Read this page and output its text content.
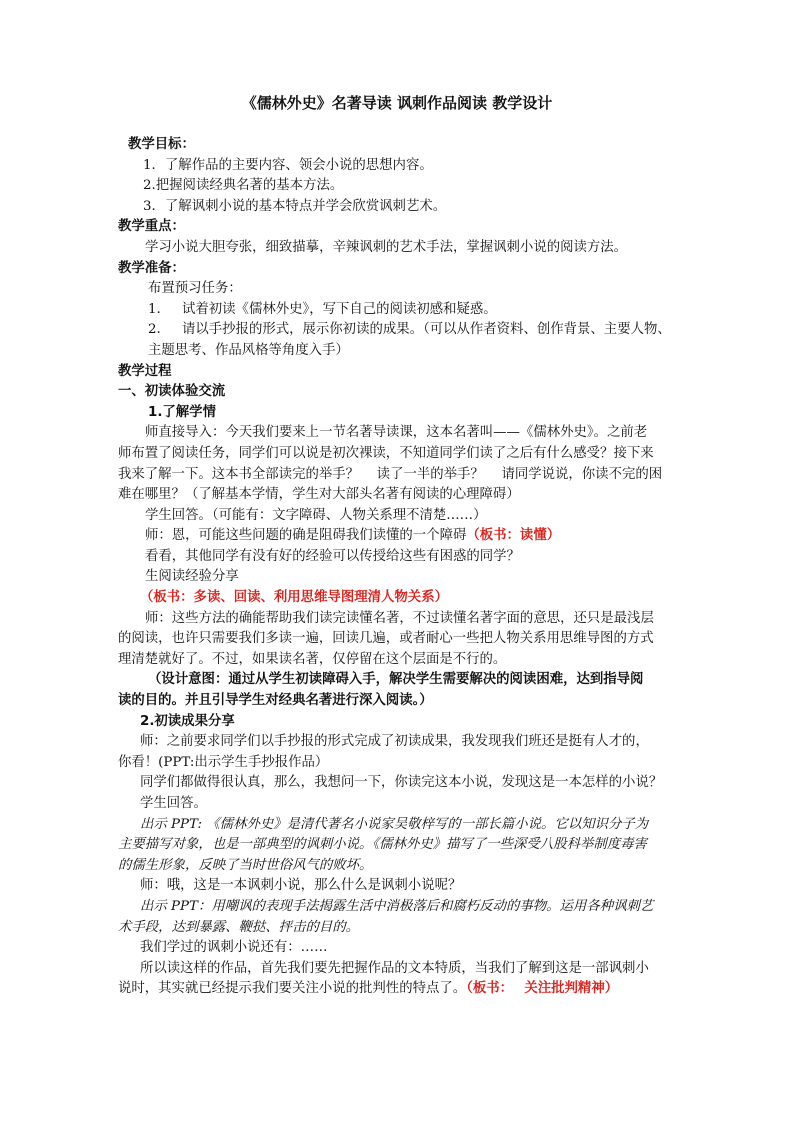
《儒林外史》名著导读 讽刺作品阅读 教学设计
教学目标：
1．了解作品的主要内容、领会小说的思想内容。
2.把握阅读经典名著的基本方法。
3．了解讽刺小说的基本特点并学会欣赏讽刺艺术。
教学重点：
学习小说大胆夸张，细致描摹，辛辣讽刺的艺术手法，掌握讽刺小说的阅读方法。
教学准备：
布置预习任务：
1. 试着初读《儒林外史》，写下自己的阅读初感和疑惑。
2. 请以手抄报的形式，展示你初读的成果。（可以从作者资料、创作背景、主要人物、
主题思考、作品风格等角度入手）
教学过程
一、初读体验交流
1.了解学情
师直接导入：今天我们要来上一节名著导读课，这本名著叫——《儒林外史》。之前老
师布置了阅读任务，同学们可以说是初次裸读，不知道同学们读了之后有什么感受？接下来
我来了解一下。这本书全部读完的举手？　 读了一半的举手？　 请同学说说，你读不完的困
难在哪里？（了解基本学情，学生对大部头名著有阅读的心理障碍）
学生回答。（可能有：文字障碍、人物关系理不清楚……）
师：恩，可能这些问题的确是阻碍我们读懂的一个障碍（板书：读懂）
看看，其他同学有没有好的经验可以传授给这些有困惑的同学？
生阅读经验分享
（板书：多读、回读、利用思维导图理清人物关系）
师：这些方法的确能帮助我们读完读懂名著，不过读懂名著字面的意思，还只是最浅层
的阅读，也许只需要我们多读一遍，回读几遍，或者耐心一些把人物关系用思维导图的方式
理清楚就好了。不过，如果读名著，仅停留在这个层面是不行的。
（设计意图：通过从学生初读障碍入手，解决学生需要解决的阅读困难，达到指导阅
读的目的。并且引导学生对经典名著进行深入阅读。）
2.初读成果分享
师：之前要求同学们以手抄报的形式完成了初读成果，我发现我们班还是挺有人才的，
你看！(PPT:出示学生手抄报作品）
同学们都做得很认真，那么，我想问一下，你读完这本小说，发现这是一本怎样的小说？
学生回答。
出示 PPT: 《儒林外史》是清代著名小说家吴敬梓写的一部长篇小说。它以知识分子为
主要描写对象，也是一部典型的讽刺小说。《儒林外史》描写了一些深受八股科举制度毒害
的儒生形象，反映了当时世俗风气的败坏。
师：哦，这是一本讽刺小说，那么什么是讽刺小说呢？
出示 PPT：用嘲讽的表现手法揭露生活中消极落后和腐朽反动的事物。运用各种讽刺艺
术手段，达到暴露、鞭挞、抨击的目的。
我们学过的讽刺小说还有：……
所以读这样的作品，首先我们要先把握作品的文本特质，当我们了解到这是一部讽刺小
说时，其实就已经提示我们要关注小说的批判性的特点了。（板书：　 关注批判精神）
